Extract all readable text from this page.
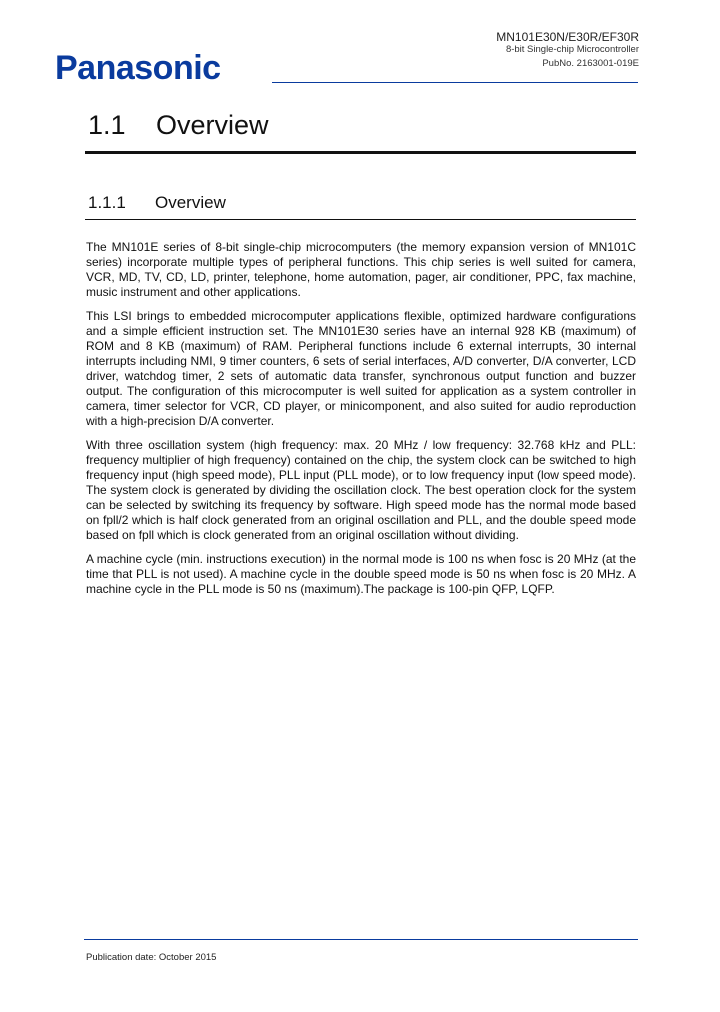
Panasonic
MN101E30N/E30R/EF30R
8-bit Single-chip Microcontroller
PubNo. 2163001-019E
1.1	Overview
1.1.1	Overview

The MN101E series of 8-bit single-chip microcomputers (the memory expansion version of MN101C series) incorporate multiple types of peripheral functions. This chip series is well suited for camera, VCR, MD, TV, CD, LD, printer, telephone, home automation, pager, air conditioner, PPC, fax machine, music instrument and other applications.

This LSI brings to embedded microcomputer applications flexible, optimized hardware configurations and a simple efficient instruction set. The MN101E30 series have an internal 928 KB (maximum) of ROM and 8 KB (maximum) of RAM. Peripheral functions include 6 external interrupts, 30 internal interrupts including NMI, 9 timer counters, 6 sets of serial interfaces, A/D converter, D/A converter, LCD driver, watchdog timer, 2 sets of automatic data transfer, synchronous output function and buzzer output. The configuration of this microcomputer is well suited for application as a system controller in camera, timer selector for VCR, CD player, or minicomponent, and also suited for audio reproduction with a high-precision D/A converter.

With three oscillation system (high frequency: max. 20 MHz / low frequency: 32.768 kHz and PLL: frequency multiplier of high frequency) contained on the chip, the system clock can be switched to high frequency input (high speed mode), PLL input (PLL mode), or to low frequency input (low speed mode). The system clock is generated by dividing the oscillation clock. The best operation clock for the system can be selected by switching its frequency by software. High speed mode has the normal mode based on fpll/2 which is half clock generated from an original oscillation and PLL, and the double speed mode based on fpll which is clock generated from an original oscillation without dividing.

A machine cycle (min. instructions execution) in the normal mode is 100 ns when fosc is 20 MHz (at the time that PLL is not used). A machine cycle in the double speed mode is 50 ns when fosc is 20 MHz. A machine cycle in the PLL mode is 50 ns (maximum).The package is 100-pin QFP, LQFP.

Publication date: October 2015
